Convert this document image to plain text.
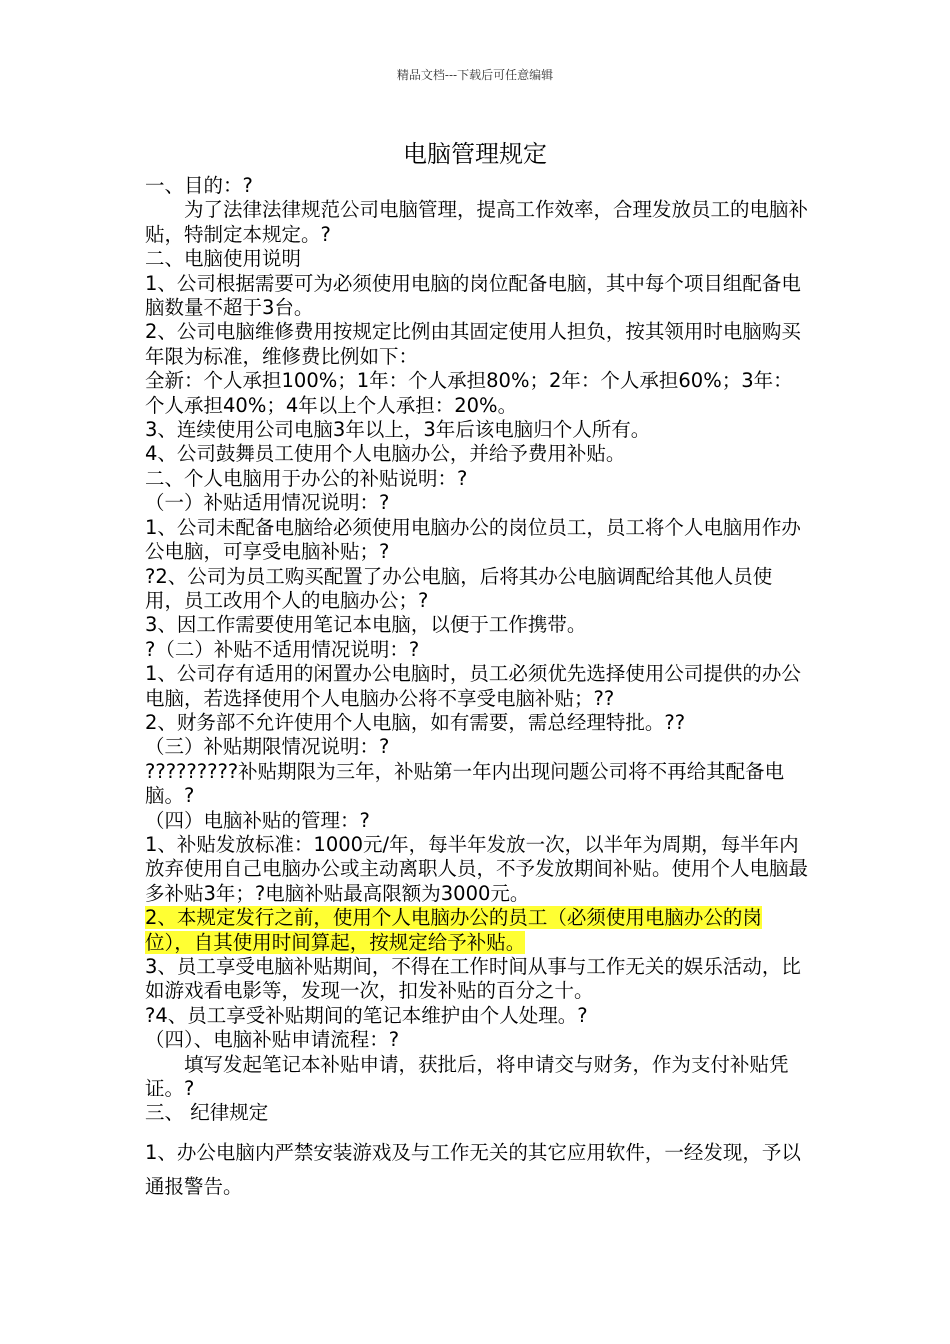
精品文档---下载后可任意编辑
电脑管理规定

一、目的：?

为了法律法律规范公司电脑管理，提高工作效率，合理发放员工的电脑补贴，特制定本规定。?

二、电脑使用说明

1、公司根据需要可为必须使用电脑的岗位配备电脑，其中每个项目组配备电脑数量不超于3台。

2、公司电脑维修费用按规定比例由其固定使用人担负，按其领用时电脑购买年限为标准，维修费比例如下：

全新：个人承担100%；1年：个人承担80%；2年：个人承担60%；3年：个人承担40%；4年以上个人承担：20%。

3、连续使用公司电脑3年以上，3年后该电脑归个人所有。

4、公司鼓舞员工使用个人电脑办公，并给予费用补贴。

二、个人电脑用于办公的补贴说明：?

（一）补贴适用情况说明：?

1、公司未配备电脑给必须使用电脑办公的岗位员工，员工将个人电脑用作办公电脑，可享受电脑补贴；?

?2、公司为员工购买配置了办公电脑，后将其办公电脑调配给其他人员使用，员工改用个人的电脑办公；?

3、因工作需要使用笔记本电脑，以便于工作携带。

?（二）补贴不适用情况说明：?

1、公司存有适用的闲置办公电脑时，员工必须优先选择使用公司提供的办公电脑，若选择使用个人电脑办公将不享受电脑补贴；??

2、财务部不允许使用个人电脑，如有需要，需总经理特批。??

（三）补贴期限情况说明：?

?????????补贴期限为三年，补贴第一年内出现问题公司将不再给其配备电脑。?

（四）电脑补贴的管理：?

1、补贴发放标准：1000元/年，每半年发放一次，以半年为周期，每半年内放弃使用自己电脑办公或主动离职人员，不予发放期间补贴。使用个人电脑最多补贴3年；?电脑补贴最高限额为3000元。

2、本规定发行之前，使用个人电脑办公的员工（必须使用电脑办公的岗位），自其使用时间算起，按规定给予补贴。

3、员工享受电脑补贴期间，不得在工作时间从事与工作无关的娱乐活动，比如游戏看电影等，发现一次，扣发补贴的百分之十。

?4、员工享受补贴期间的笔记本维护由个人处理。?

（四）、电脑补贴申请流程：?

填写发起笔记本补贴申请，获批后，将申请交与财务，作为支付补贴凭证。?

三、 纪律规定

1、办公电脑内严禁安装游戏及与工作无关的其它应用软件，一经发现，予以通报警告。
